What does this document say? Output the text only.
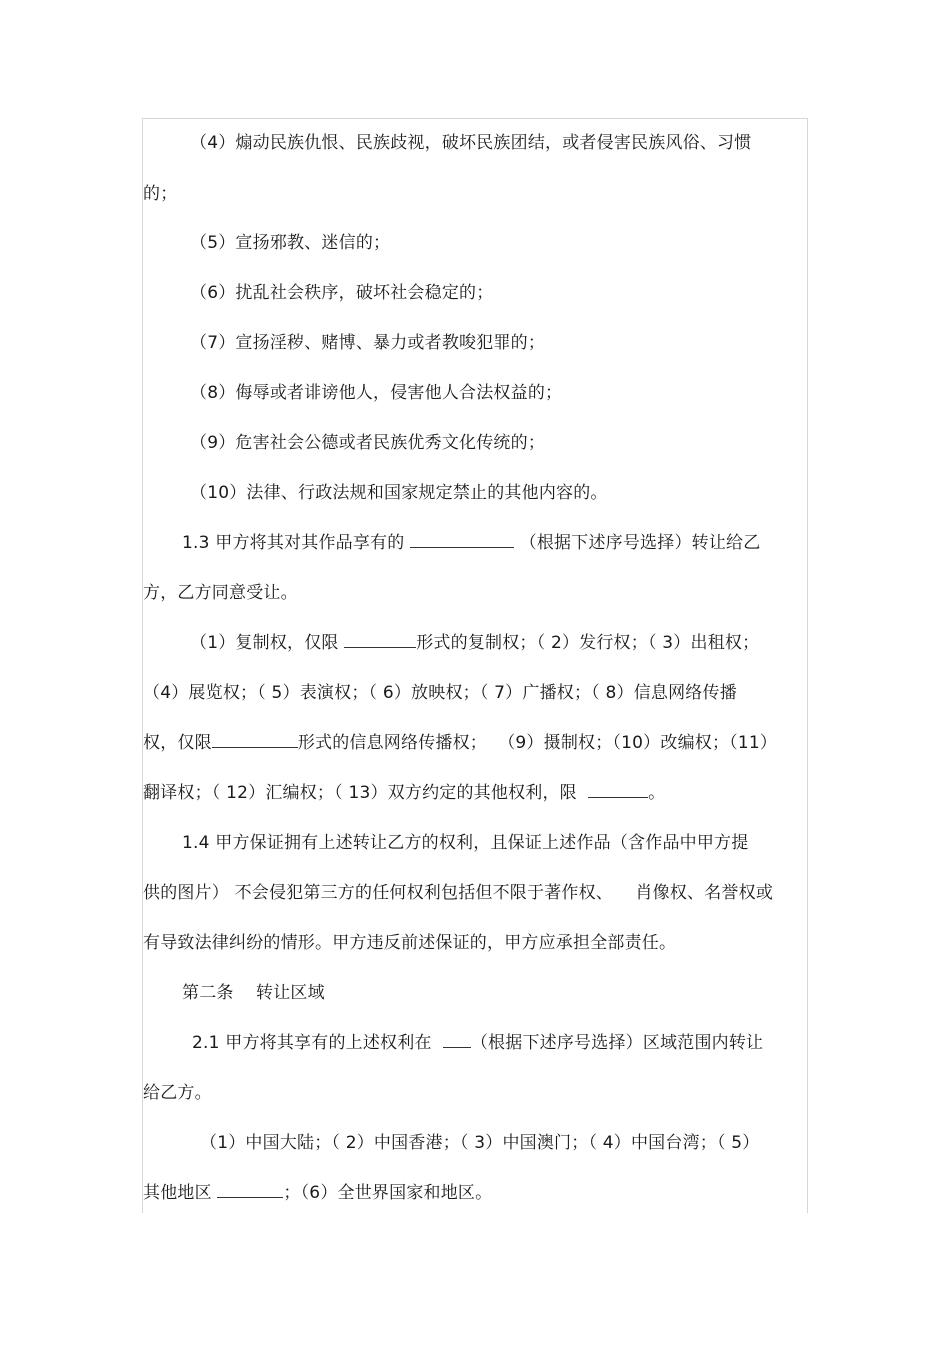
（4）煽动民族仇恨、民族歧视，破坏民族团结，或者侵害民族风俗、习惯
的；
（5）宣扬邪教、迷信的；
（6）扰乱社会秩序，破坏社会稳定的；
（7）宣扬淫秽、赌博、暴力或者教唆犯罪的；
（8）侮辱或者诽谤他人，侵害他人合法权益的；
（9）危害社会公德或者民族优秀文化传统的；
（10）法律、行政法规和国家规定禁止的其他内容的。
1.3 甲方将其对其作品享有的	（根据下述序号选择）转让给乙
方，乙方同意受让。
（1）复制权，仅限	形式的复制权；（ 2）发行权；（ 3）出租权；
（4）展览权；（ 5）表演权；（ 6）放映权；（ 7）广播权；（ 8）信息网络传播
权，仅限	形式的信息网络传播权；  （9）摄制权；（10）改编权；（11）
翻译权；（ 12）汇编权；（ 13）双方约定的其他权利，限	。
1.4 甲方保证拥有上述转让乙方的权利，且保证上述作品（含作品中甲方提
供的图片） 不会侵犯第三方的任何权利包括但不限于著作权、    肖像权、名誉权或
有导致法律纠纷的情形。甲方违反前述保证的，甲方应承担全部责任。
第二条    转让区域
2.1 甲方将其享有的上述权利在  （根据下述序号选择）区域范围内转让
给乙方。
（1）中国大陆；（ 2）中国香港；（ 3）中国澳门；（ 4）中国台湾；（ 5）
其他地区	；（6）全世界国家和地区。
